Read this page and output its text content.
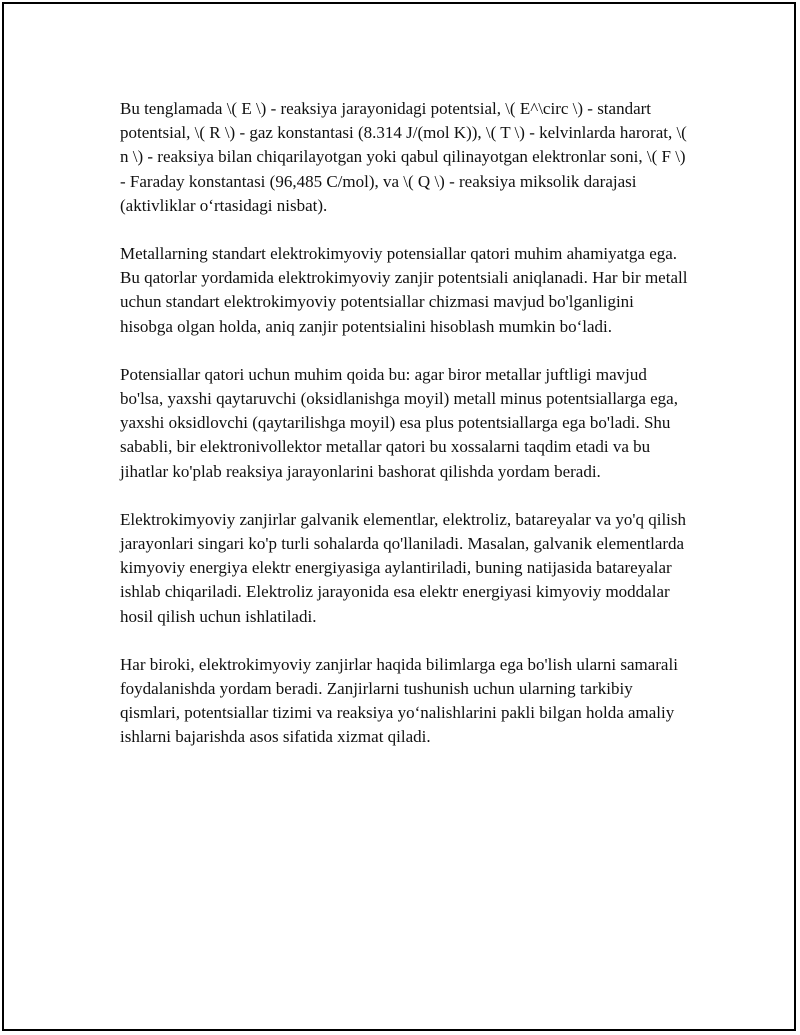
Bu tenglamada \( E \) - reaksiya jarayonidagi potentsial, \( E^\circ \) - standart potentsial, \( R \) - gaz konstantasi (8.314 J/(mol K)), \( T \) - kelvinlarda harorat, \( n \) - reaksiya bilan chiqarilayotgan yoki qabul qilinayotgan elektronlar soni, \( F \) - Faraday konstantasi (96,485 C/mol), va \( Q \) - reaksiya miksolik darajasi (aktivliklar o‘rtasidagi nisbat).

Metallarning standart elektrokimyoviy potensiallar qatori muhim ahamiyatga ega. Bu qatorlar yordamida elektrokimyoviy zanjir potentsiali aniqlanadi. Har bir metall uchun standart elektrokimyoviy potentsiallar chizmasi mavjud bo'lganligini hisobga olgan holda, aniq zanjir potentsialini hisoblash mumkin bo‘ladi.

Potensiallar qatori uchun muhim qoida bu: agar biror metallar juftligi mavjud bo'lsa, yaxshi qaytaruvchi (oksidlanishga moyil) metall minus potentsiallarga ega, yaxshi oksidlovchi (qaytarilishga moyil) esa plus potentsiallarga ega bo'ladi. Shu sababli, bir elektronivollektor metallar qatori bu xossalarni taqdim etadi va bu jihatlar ko'plab reaksiya jarayonlarini bashorat qilishda yordam beradi.

Elektrokimyoviy zanjirlar galvanik elementlar, elektroliz, batareyalar va yo'q qilish jarayonlari singari ko'p turli sohalarda qo'llaniladi. Masalan, galvanik elementlarda kimyoviy energiya elektr energiyasiga aylantiriladi, buning natijasida batareyalar ishlab chiqariladi. Elektroliz jarayonida esa elektr energiyasi kimyoviy moddalar hosil qilish uchun ishlatiladi.

Har biroki, elektrokimyoviy zanjirlar haqida bilimlarga ega bo'lish ularni samarali foydalanishda yordam beradi. Zanjirlarni tushunish uchun ularning tarkibiy qismlari, potentsiallar tizimi va reaksiya yo‘nalishlarini pakli bilgan holda amaliy ishlarni bajarishda asos sifatida xizmat qiladi.
